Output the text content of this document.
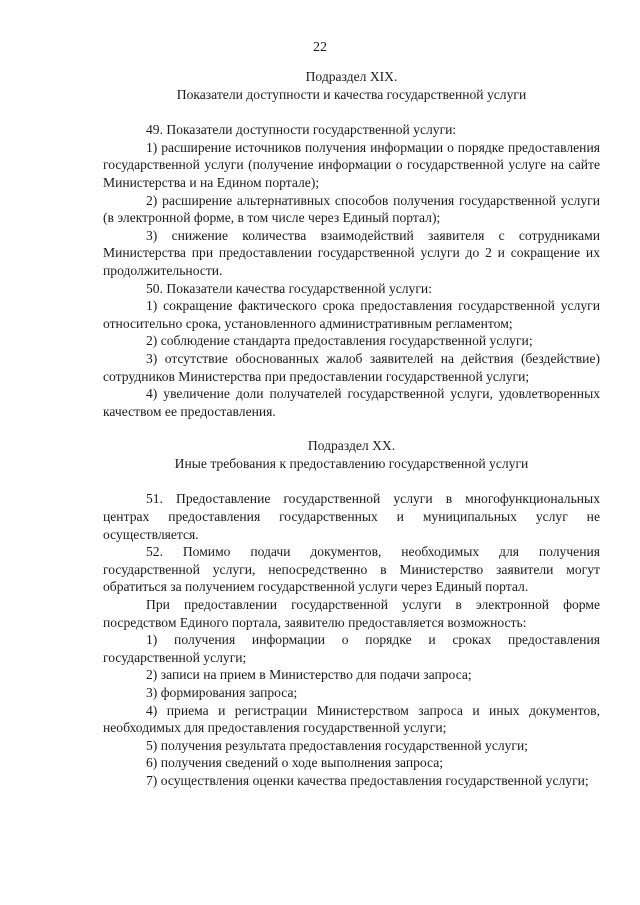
22

Подраздел XIX.

Показатели доступности и качества государственной услуги

49. Показатели доступности государственной услуги:

1) расширение источников получения информации о порядке предоставления государственной услуги (получение информации о государственной услуге на сайте Министерства и на Едином портале);

2) расширение альтернативных способов получения государственной услуги (в электронной форме, в том числе через Единый портал);

3) снижение количества взаимодействий заявителя с сотрудниками Министерства при предоставлении государственной услуги до 2 и сокращение их продолжительности.

50. Показатели качества государственной услуги:

1) сокращение фактического срока предоставления государственной услуги относительно срока, установленного административным регламентом;

2) соблюдение стандарта предоставления государственной услуги;

3) отсутствие обоснованных жалоб заявителей на действия (бездействие) сотрудников Министерства при предоставлении государственной услуги;

4) увеличение доли получателей государственной услуги, удовлетворенных качеством ее предоставления.

Подраздел XX.

Иные требования к предоставлению государственной услуги

51. Предоставление государственной услуги в многофункциональных центрах предоставления государственных и муниципальных услуг не осуществляется.

52. Помимо подачи документов, необходимых для получения государственной услуги, непосредственно в Министерство заявители могут обратиться за получением государственной услуги через Единый портал.

При предоставлении государственной услуги в электронной форме посредством Единого портала, заявителю предоставляется возможность:

1) получения информации о порядке и сроках предоставления государственной услуги;

2) записи на прием в Министерство для подачи запроса;

3) формирования запроса;

4) приема и регистрации Министерством запроса и иных документов, необходимых для предоставления государственной услуги;

5) получения результата предоставления государственной услуги;

6) получения сведений о ходе выполнения запроса;

7) осуществления оценки качества предоставления государственной услуги;
